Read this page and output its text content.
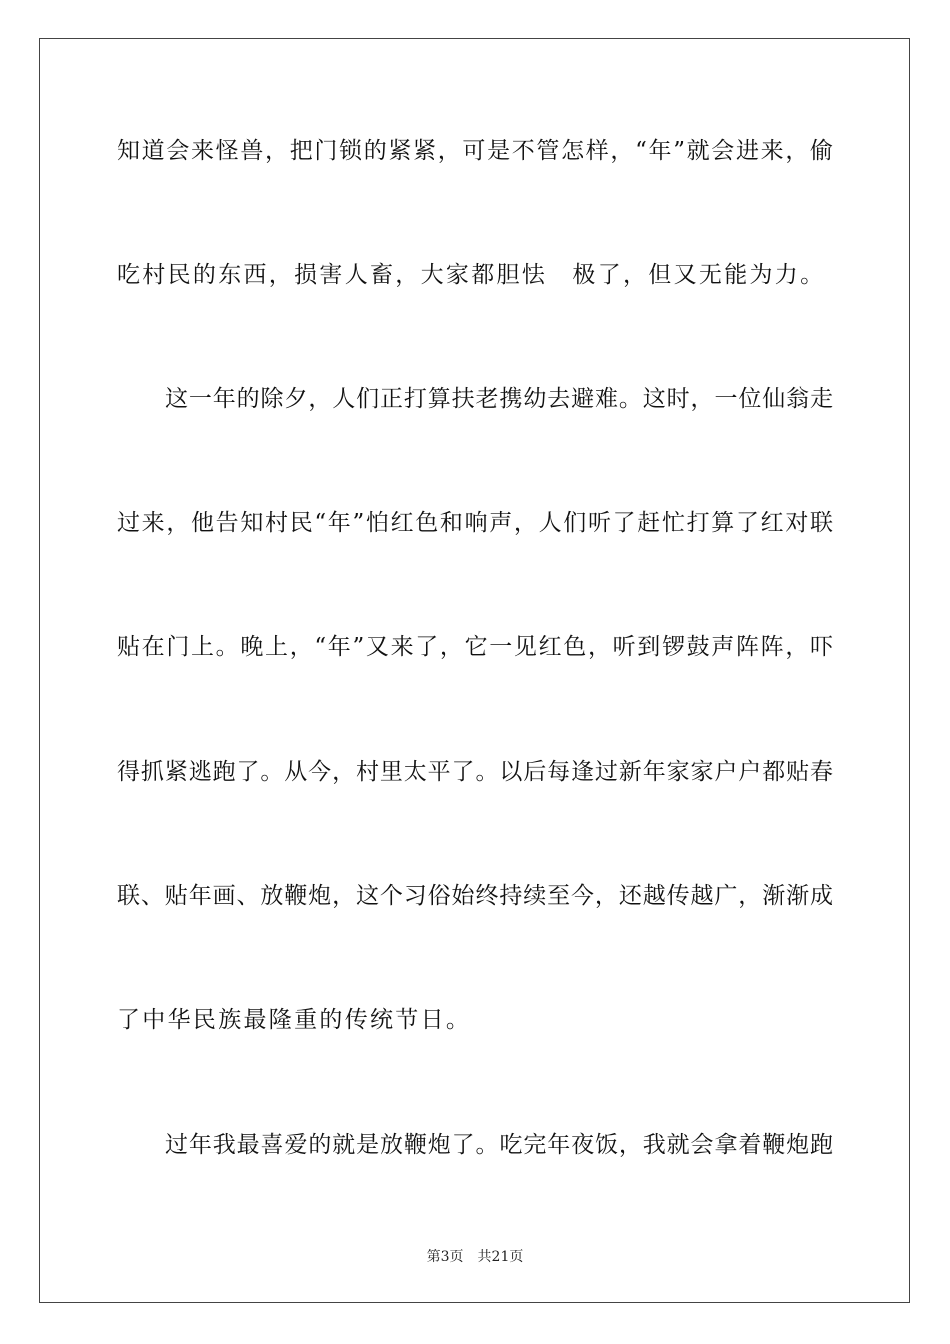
知道会来怪兽，把门锁的紧紧，可是不管怎样，“年”就会进来，偷
吃村民的东西，损害人畜，大家都胆怯　极了，但又无能为力。
这一年的除夕，人们正打算扶老携幼去避难。这时，一位仙翁走
过来，他告知村民“年”怕红色和响声，人们听了赶忙打算了红对联
贴在门上。晚上，“年”又来了，它一见红色，听到锣鼓声阵阵，吓
得抓紧逃跑了。从今，村里太平了。以后每逢过新年家家户户都贴春
联、贴年画、放鞭炮，这个习俗始终持续至今，还越传越广，渐渐成
了中华民族最隆重的传统节日。
过年我最喜爱的就是放鞭炮了。吃完年夜饭，我就会拿着鞭炮跑
第3页 共21页
